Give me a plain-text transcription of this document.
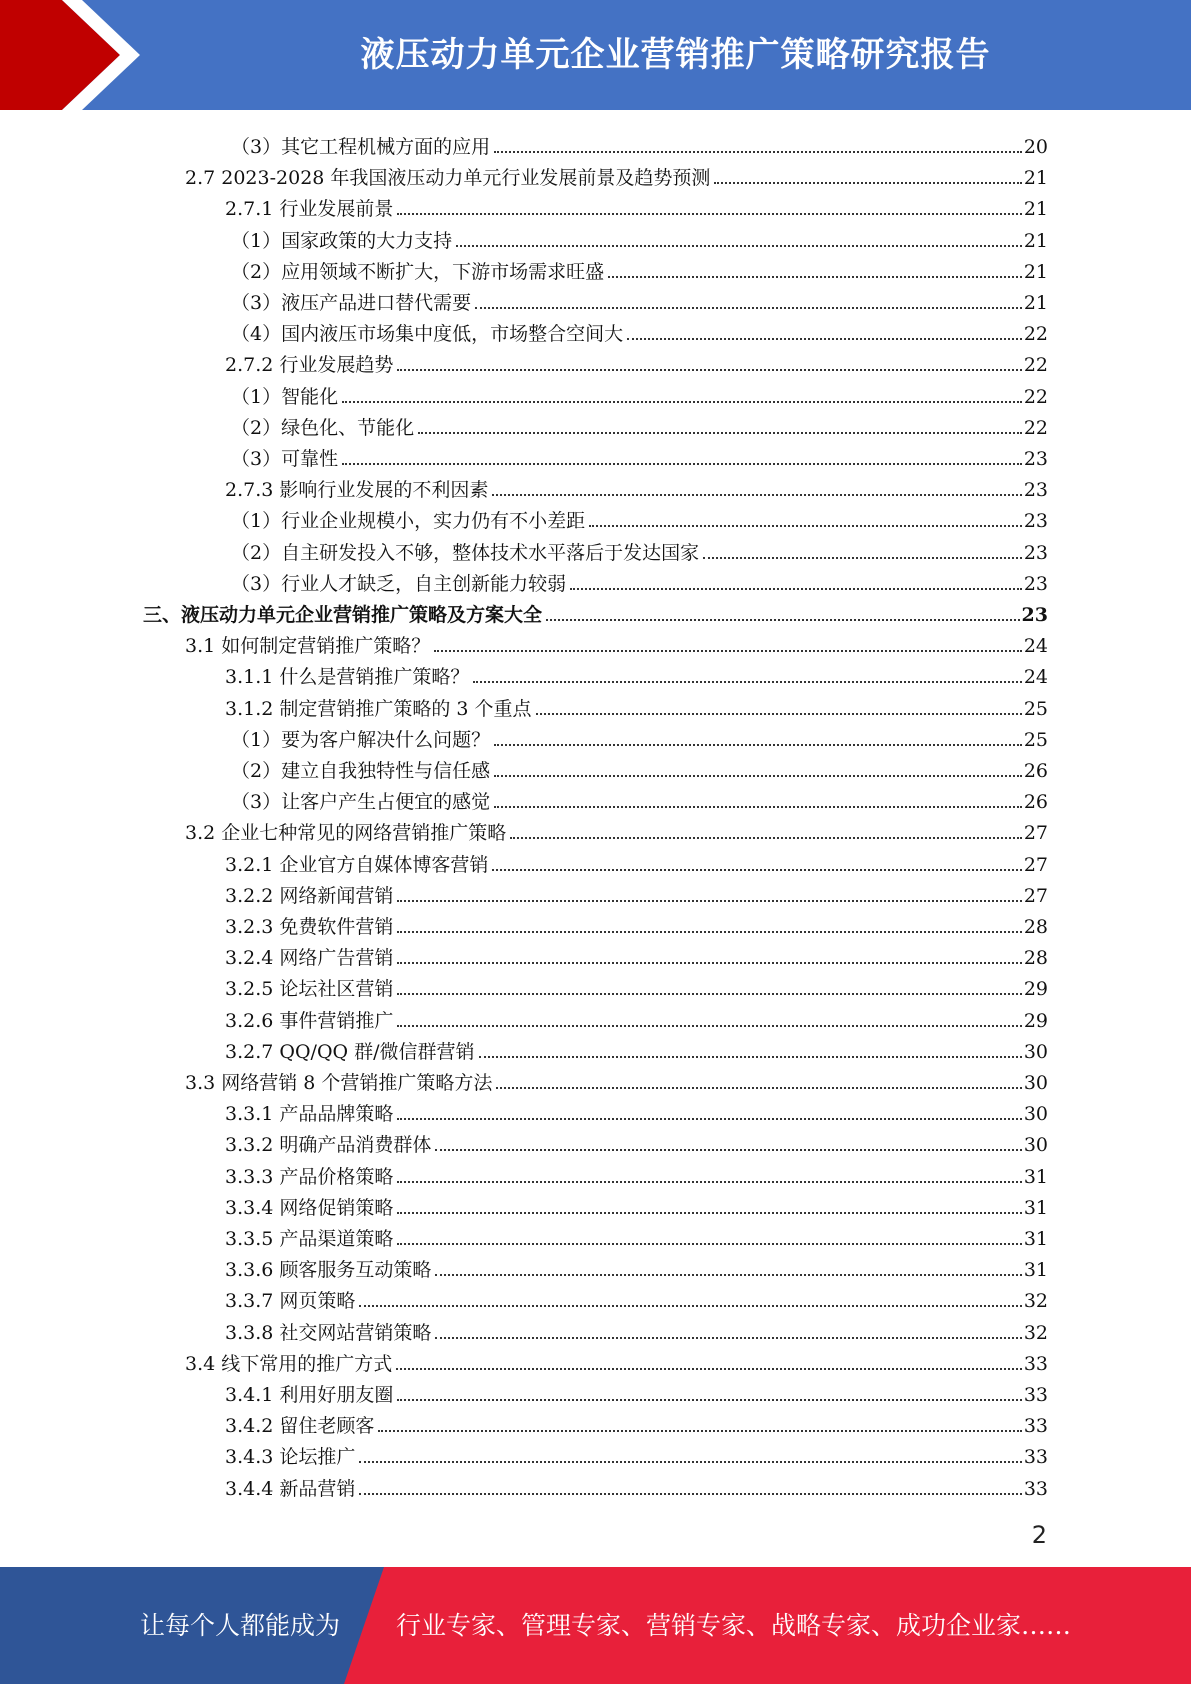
液压动力单元企业营销推广策略研究报告
（3）其它工程机械方面的应用	20
2.7 2023-2028 年我国液压动力单元行业发展前景及趋势预测	21
2.7.1 行业发展前景	21
（1）国家政策的大力支持	21
（2）应用领域不断扩大，下游市场需求旺盛	21
（3）液压产品进口替代需要	21
（4）国内液压市场集中度低，市场整合空间大	22
2.7.2 行业发展趋势	22
（1）智能化	22
（2）绿色化、节能化	22
（3）可靠性	23
2.7.3 影响行业发展的不利因素	23
（1）行业企业规模小，实力仍有不小差距	23
（2）自主研发投入不够，整体技术水平落后于发达国家	23
（3）行业人才缺乏，自主创新能力较弱	23
三、液压动力单元企业营销推广策略及方案大全	23
3.1 如何制定营销推广策略？	24
3.1.1 什么是营销推广策略？	24
3.1.2 制定营销推广策略的 3 个重点	25
（1）要为客户解决什么问题？	25
（2）建立自我独特性与信任感	26
（3）让客户产生占便宜的感觉	26
3.2 企业七种常见的网络营销推广策略	27
3.2.1 企业官方自媒体博客营销	27
3.2.2 网络新闻营销	27
3.2.3 免费软件营销	28
3.2.4 网络广告营销	28
3.2.5 论坛社区营销	29
3.2.6 事件营销推广	29
3.2.7 QQ/QQ 群/微信群营销	30
3.3 网络营销 8 个营销推广策略方法	30
3.3.1 产品品牌策略	30
3.3.2 明确产品消费群体	30
3.3.3 产品价格策略	31
3.3.4 网络促销策略	31
3.3.5 产品渠道策略	31
3.3.6 顾客服务互动策略	31
3.3.7 网页策略	32
3.3.8 社交网站营销策略	32
3.4 线下常用的推广方式	33
3.4.1 利用好朋友圈	33
3.4.2 留住老顾客	33
3.4.3 论坛推广	33
3.4.4 新品营销	33
2
让每个人都能成为 行业专家、管理专家、营销专家、战略专家、成功企业家……
